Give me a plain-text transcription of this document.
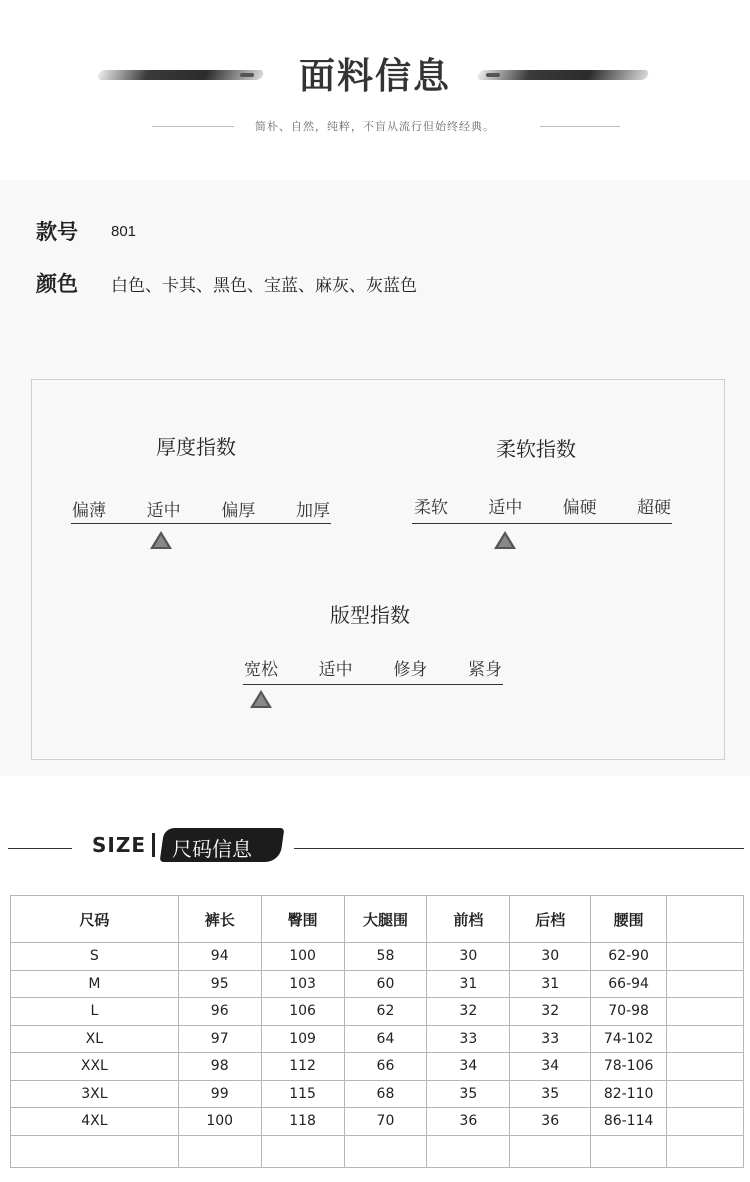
面料信息
简朴、自然，纯粹，不盲从流行但始终经典。
款号	801
颜色	白色、卡其、黑色、宝蓝、麻灰、灰蓝色
厚度指数
偏薄 适中 偏厚 加厚
柔软指数
柔软 适中 偏硬 超硬
版型指数
宽松 适中 修身 紧身
SIZE 尺码信息
尺码	裤长	臀围	大腿围	前档	后档	腰围	
S	94	100	58	30	30	62-90	
M	95	103	60	31	31	66-94	
L	96	106	62	32	32	70-98	
XL	97	109	64	33	33	74-102	
XXL	98	112	66	34	34	78-106	
3XL	99	115	68	35	35	82-110	
4XL	100	118	70	36	36	86-114	
